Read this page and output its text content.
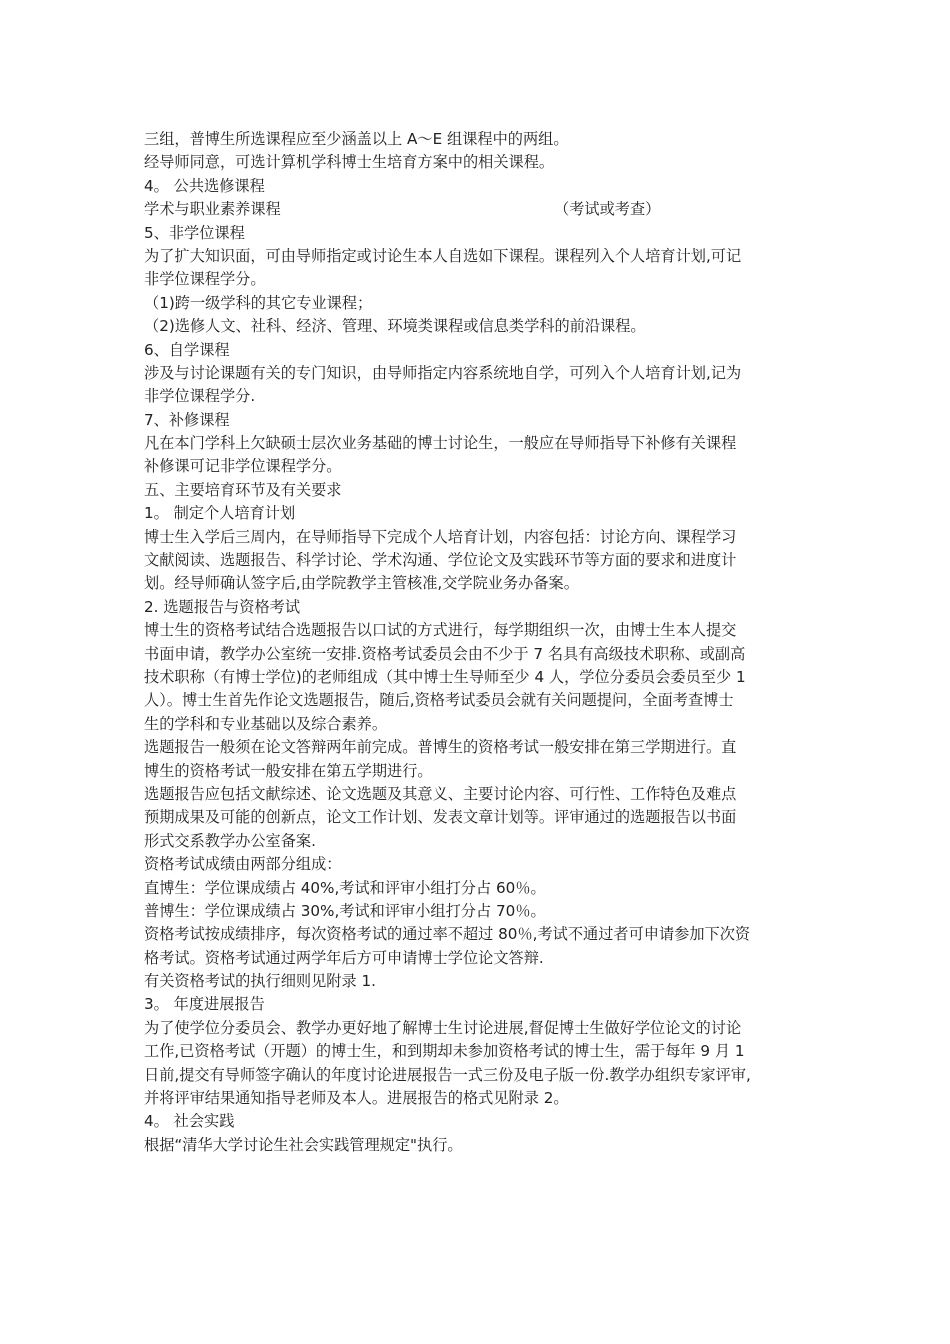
三组，普博生所选课程应至少涵盖以上 A～E 组课程中的两组。
经导师同意，可选计算机学科博士生培育方案中的相关课程。
4。 公共选修课程
学术与职业素养课程	（考试或考查）
5、非学位课程
为了扩大知识面，可由导师指定或讨论生本人自选如下课程。课程列入个人培育计划,可记
非学位课程学分。
（1)跨一级学科的其它专业课程；
（2)选修人文、社科、经济、管理、环境类课程或信息类学科的前沿课程。
6、自学课程
涉及与讨论课题有关的专门知识，由导师指定内容系统地自学，可列入个人培育计划,记为
非学位课程学分.
7、补修课程
凡在本门学科上欠缺硕士层次业务基础的博士讨论生，一般应在导师指导下补修有关课程
补修课可记非学位课程学分。
五、主要培育环节及有关要求
1。 制定个人培育计划
博士生入学后三周内，在导师指导下完成个人培育计划，内容包括：讨论方向、课程学习
文献阅读、选题报告、科学讨论、学术沟通、学位论文及实践环节等方面的要求和进度计
划。经导师确认签字后,由学院教学主管核准,交学院业务办备案。
2. 选题报告与资格考试
博士生的资格考试结合选题报告以口试的方式进行，每学期组织一次，由博士生本人提交
书面申请，教学办公室统一安排.资格考试委员会由不少于 7 名具有高级技术职称、或副高
技术职称（有博士学位)的老师组成（其中博士生导师至少 4 人，学位分委员会委员至少 1
人）。博士生首先作论文选题报告，随后,资格考试委员会就有关问题提问，全面考查博士
生的学科和专业基础以及综合素养。
选题报告一般须在论文答辩两年前完成。普博生的资格考试一般安排在第三学期进行。直
博生的资格考试一般安排在第五学期进行。
选题报告应包括文献综述、论文选题及其意义、主要讨论内容、可行性、工作特色及难点
预期成果及可能的创新点，论文工作计划、发表文章计划等。评审通过的选题报告以书面
形式交系教学办公室备案.
资格考试成绩由两部分组成：
直博生：学位课成绩占 40%,考试和评审小组打分占 60％。
普博生：学位课成绩占 30%,考试和评审小组打分占 70％。
资格考试按成绩排序，每次资格考试的通过率不超过 80％,考试不通过者可申请参加下次资
格考试。资格考试通过两学年后方可申请博士学位论文答辩.
有关资格考试的执行细则见附录 1.
3。 年度进展报告
为了使学位分委员会、教学办更好地了解博士生讨论进展,督促博士生做好学位论文的讨论
工作,已资格考试（开题）的博士生，和到期却未参加资格考试的博士生，需于每年 9 月 1
日前,提交有导师签字确认的年度讨论进展报告一式三份及电子版一份.教学办组织专家评审,
并将评审结果通知指导老师及本人。进展报告的格式见附录 2。
4。 社会实践
根据“清华大学讨论生社会实践管理规定"执行。
